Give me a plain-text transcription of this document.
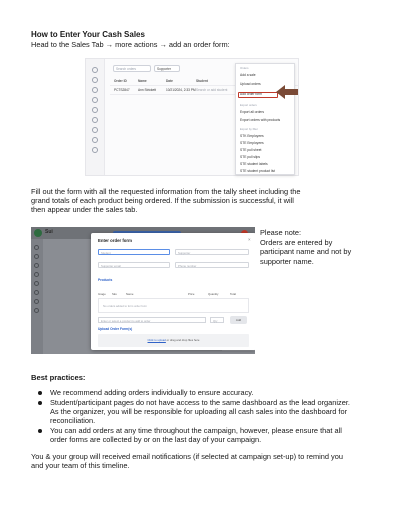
How to Enter Your Cash Sales
Head to the Sales Tab → more actions → add an order form:
Search orders	Supporter
Order ID	Name	Date	Student
PCTS2847	Ann Strickett	10/21/2024, 2:33 PM Search or add student
Orders
Add a sale
Upload orders
Add order form
Export orders
Export all orders
Export orders with products
Export by filter
STK Employees
STE Employees
STE pull sheet
STE pull slips
STE student labels
STE student product list
Fill out the form with all the requested information from the tally sheet including the
grand totals of each product being ordered. If the submission is successful, it will
then appear under the sales tab.
Sui
Enter order form	×
Student	Supporter
Supporter email	Phone number
Products
Image	Sku	Name	Price	Quantity	Total
No orders added to form order form
Enter or select a product to add to order	Qty	Add
Upload Order Form(s)
Click to upload or drag and drop files here
Please note:
Orders are entered by
participant name and not by
supporter name.
Best practices:
We recommend adding orders individually to ensure accuracy.
Student/participant pages do not have access to the same dashboard as the lead organizer.
As the organizer, you will be responsible for uploading all cash sales into the dashboard for
reconciliation.
You can add orders at any time throughout the campaign, however, please ensure that all
order forms are collected by or on the last day of your campaign.
You & your group will received email notifications (if selected at campaign set-up) to remind you
and your team of this timeline.
